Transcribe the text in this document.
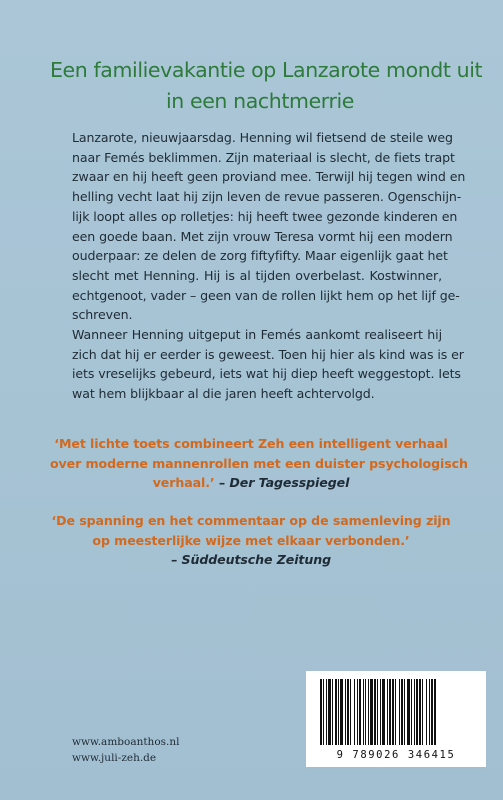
Een familievakantie op Lanzarote mondt uit
in een nachtmerrie
Lanzarote, nieuwjaarsdag. Henning wil fietsend de steile weg
naar Femés beklimmen. Zijn materiaal is slecht, de fiets trapt
zwaar en hij heeft geen proviand mee. Terwijl hij tegen wind en
helling vecht laat hij zijn leven de revue passeren. Ogenschijn-
lijk loopt alles op rolletjes: hij heeft twee gezonde kinderen en
een goede baan. Met zijn vrouw Teresa vormt hij een modern
ouderpaar: ze delen de zorg fiftyfifty. Maar eigenlijk gaat het
slecht met Henning. Hij is al tijden overbelast. Kostwinner,
echtgenoot, vader – geen van de rollen lijkt hem op het lijf ge-
schreven.
Wanneer Henning uitgeput in Femés aankomt realiseert hij
zich dat hij er eerder is geweest. Toen hij hier als kind was is er
iets vreselijks gebeurd, iets wat hij diep heeft weggestopt. Iets
wat hem blijkbaar al die jaren heeft achtervolgd.
‘Met lichte toets combineert Zeh een intelligent verhaal
over moderne mannenrollen met een duister psychologisch
verhaal.’ – Der Tagesspiegel
‘De spanning en het commentaar op de samenleving zijn
op meesterlijke wijze met elkaar verbonden.’
– Süddeutsche Zeitung
9 789026 346415
www.amboanthos.nl
www.juli-zeh.de
